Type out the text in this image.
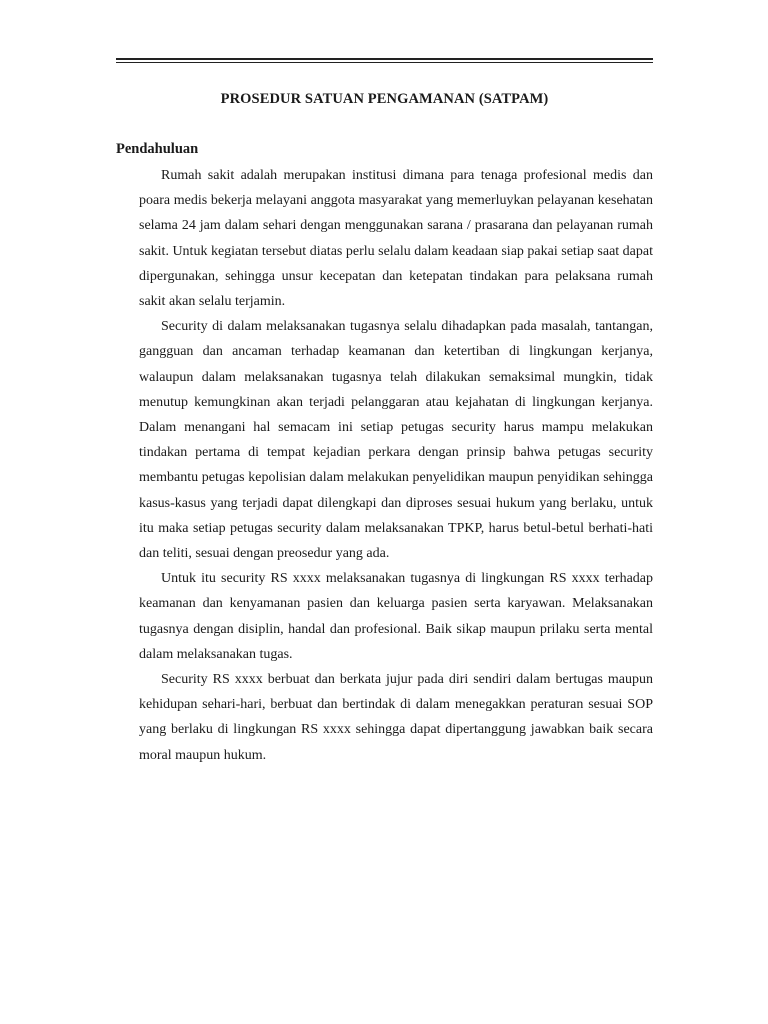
PROSEDUR SATUAN PENGAMANAN (SATPAM)
Pendahuluan

Rumah sakit adalah merupakan institusi dimana para tenaga profesional medis dan poara medis bekerja melayani anggota masyarakat yang memerluykan pelayanan kesehatan selama 24 jam dalam sehari dengan menggunakan sarana / prasarana dan pelayanan rumah sakit. Untuk kegiatan tersebut diatas perlu selalu dalam keadaan siap pakai setiap saat dapat dipergunakan, sehingga unsur kecepatan dan ketepatan tindakan para pelaksana rumah sakit akan selalu terjamin.

Security di dalam melaksanakan tugasnya selalu dihadapkan pada masalah, tantangan, gangguan dan ancaman terhadap keamanan dan ketertiban di lingkungan kerjanya, walaupun dalam melaksanakan tugasnya telah dilakukan semaksimal mungkin, tidak menutup kemungkinan akan terjadi pelanggaran atau kejahatan di lingkungan kerjanya. Dalam menangani hal semacam ini setiap petugas security harus mampu melakukan tindakan pertama di tempat kejadian perkara dengan prinsip bahwa petugas security membantu petugas kepolisian dalam melakukan penyelidikan maupun penyidikan sehingga kasus-kasus yang terjadi dapat dilengkapi dan diproses sesuai hukum yang berlaku, untuk itu maka setiap petugas security dalam melaksanakan TPKP, harus betul-betul berhati-hati dan teliti, sesuai dengan preosedur yang ada.

Untuk itu security RS xxxx melaksanakan tugasnya di lingkungan RS xxxx terhadap keamanan dan kenyamanan pasien dan keluarga pasien serta karyawan. Melaksanakan tugasnya dengan disiplin, handal dan profesional. Baik sikap maupun prilaku serta mental dalam melaksanakan tugas.

Security RS xxxx berbuat dan berkata jujur pada diri sendiri dalam bertugas maupun kehidupan sehari-hari, berbuat dan bertindak di dalam menegakkan peraturan sesuai SOP yang berlaku di lingkungan RS xxxx sehingga dapat dipertanggung jawabkan baik secara moral maupun hukum.
